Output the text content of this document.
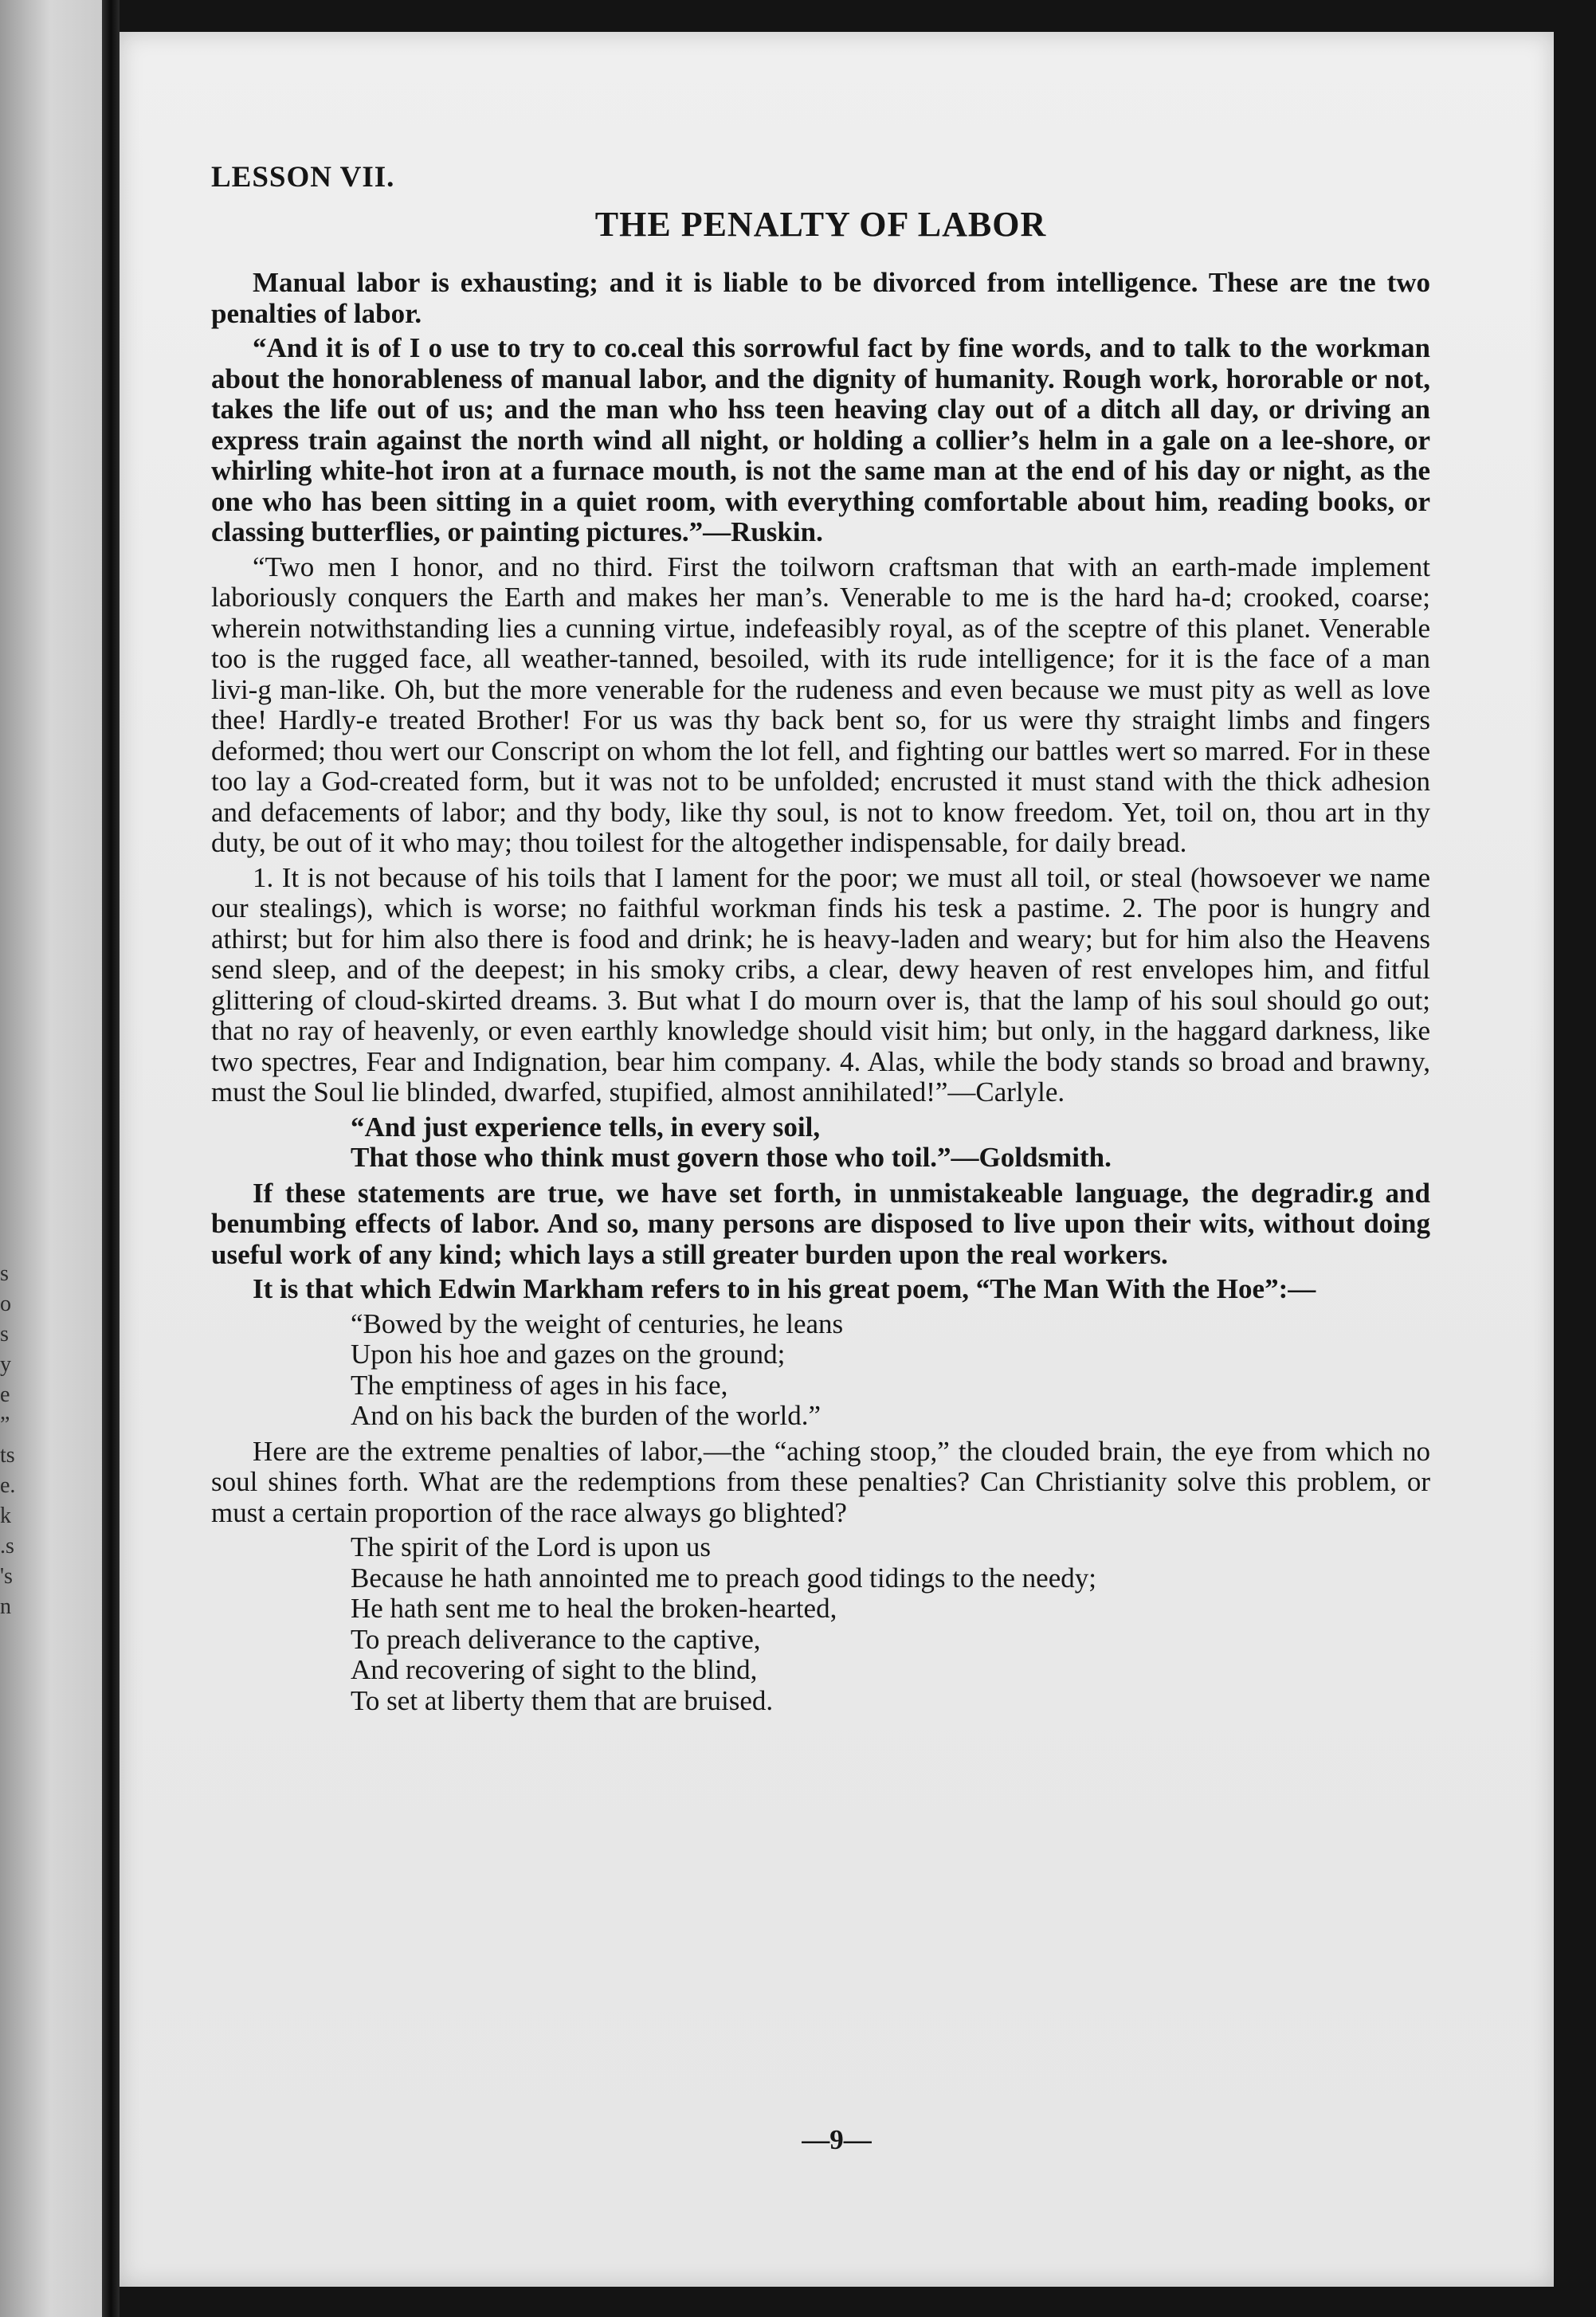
s
o
s
y
e
”
ts
e.
k
.s
's
n

LESSON VII.

THE PENALTY OF LABOR

Manual labor is exhausting; and it is liable to be divorced from intelligence. These are tne two penalties of labor.

“And it is of I o use to try to co.ceal this sorrowful fact by fine words, and to talk to the workman about the honorableness of manual labor, and the dignity of humanity. Rough work, hororable or not, takes the life out of us; and the man who hss teen heaving clay out of a ditch all day, or driving an express train against the north wind all night, or holding a collier’s helm in a gale on a lee-shore, or whirling white-hot iron at a furnace mouth, is not the same man at the end of his day or night, as the one who has been sitting in a quiet room, with everything comfortable about him, reading books, or classing butterflies, or painting pictures.”—Ruskin.

“Two men I honor, and no third. First the toilworn craftsman that with an earth-made implement laboriously conquers the Earth and makes her man’s. Venerable to me is the hard ha‑d; crooked, coarse; wherein notwithstanding lies a cunning virtue, indefeasibly royal, as of the sceptre of this planet. Venerable too is the rugged face, all weather-tanned, besoiled, with its rude intelligence; for it is the face of a man livi‑g man-like. Oh, but the more venerable for the rudeness and even because we must pity as well as love thee! Hardly-e treated Brother! For us was thy back bent so, for us were thy straight limbs and fingers deformed; thou wert our Conscript on whom the lot fell, and fighting our battles wert so marred. For in these too lay a God-created form, but it was not to be unfolded; encrusted it must stand with the thick adhesion and defacements of labor; and thy body, like thy soul, is not to know freedom. Yet, toil on, thou art in thy duty, be out of it who may; thou toilest for the altogether indispensable, for daily bread.

1. It is not because of his toils that I lament for the poor; we must all toil, or steal (howsoever we name our stealings), which is worse; no faithful workman finds his tesk a pastime. 2. The poor is hungry and athirst; but for him also there is food and drink; he is heavy-laden and weary; but for him also the Heavens send sleep, and of the deepest; in his smoky cribs, a clear, dewy heaven of rest envelopes him, and fitful glittering of cloud-skirted dreams. 3. But what I do mourn over is, that the lamp of his soul should go out; that no ray of heavenly, or even earthly knowledge should visit him; but only, in the haggard darkness, like two spectres, Fear and Indignation, bear him company. 4. Alas, while the body stands so broad and brawny, must the Soul lie blinded, dwarfed, stupified, almost annihilated!”—Carlyle.

“And just experience tells, in every soil,
That those who think must govern those who toil.”—Goldsmith.

If these statements are true, we have set forth, in unmistakeable language, the degradir.g and benumbing effects of labor. And so, many persons are disposed to live upon their wits, without doing useful work of any kind; which lays a still greater burden upon the real workers.

It is that which Edwin Markham refers to in his great poem, “The Man With the Hoe”:—

“Bowed by the weight of centuries, he leans
Upon his hoe and gazes on the ground;
The emptiness of ages in his face,
And on his back the burden of the world.”

Here are the extreme penalties of labor,—the “aching stoop,” the clouded brain, the eye from which no soul shines forth. What are the redemptions from these penalties? Can Christianity solve this problem, or must a certain proportion of the race always go blighted?

The spirit of the Lord is upon us
Because he hath annointed me to preach good tidings to the needy;
He hath sent me to heal the broken-hearted,
To preach deliverance to the captive,
And recovering of sight to the blind,
To set at liberty them that are bruised.
—9—
